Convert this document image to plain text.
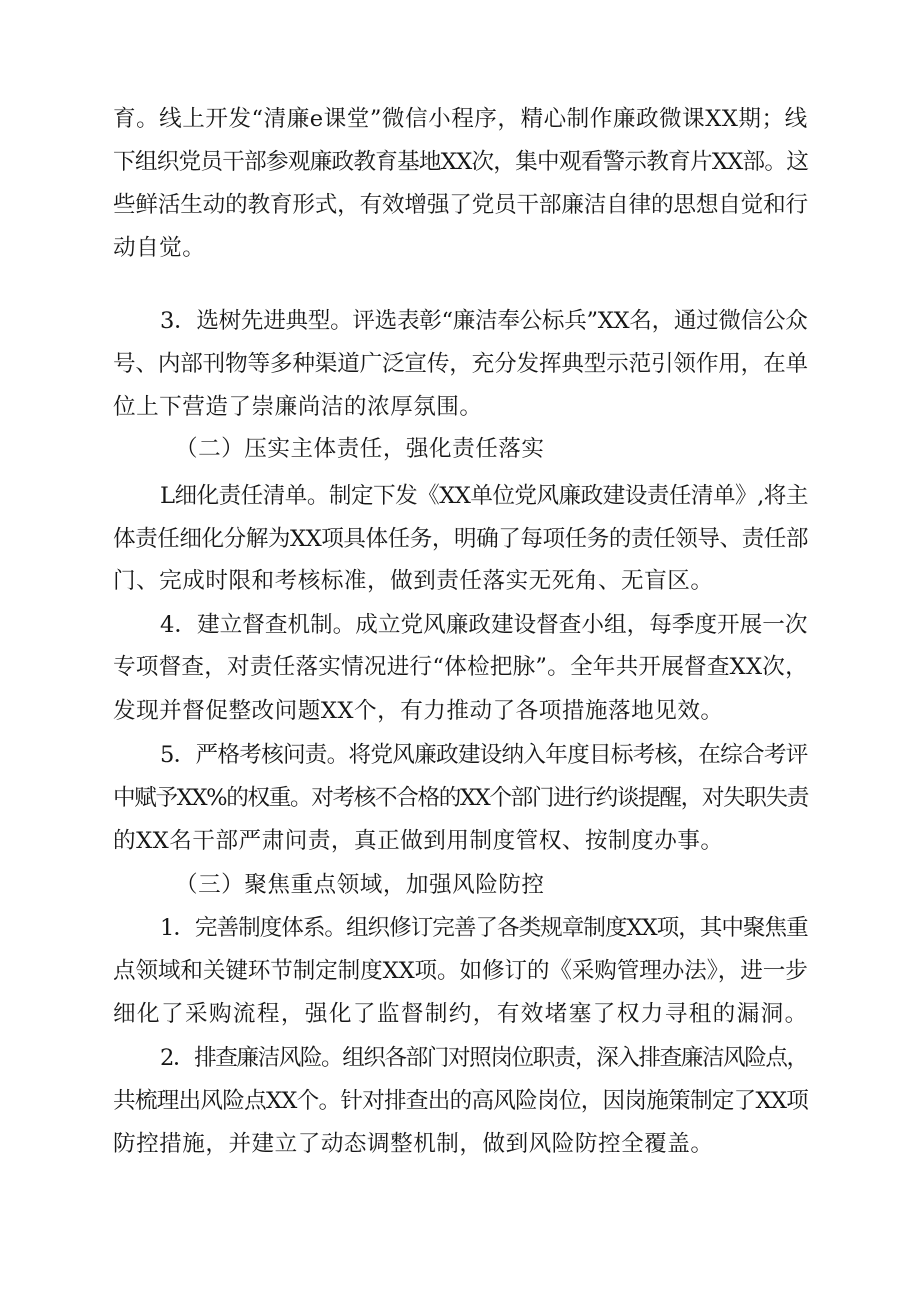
育。线上开发“清廉e课堂”微信小程序，精心制作廉政微课XX期；线
下组织党员干部参观廉政教育基地XX次，集中观看警示教育片XX部。这
些鲜活生动的教育形式，有效增强了党员干部廉洁自律的思想自觉和行
动自觉。
3．选树先进典型。评选表彰“廉洁奉公标兵”XX名，通过微信公众
号、内部刊物等多种渠道广泛宣传，充分发挥典型示范引领作用，在单
位上下营造了崇廉尚洁的浓厚氛围。
（二）压实主体责任，强化责任落实
L细化责任清单。制定下发《XX单位党风廉政建设责任清单》,将主
体责任细化分解为XX项具体任务，明确了每项任务的责任领导、责任部
门、完成时限和考核标准，做到责任落实无死角、无盲区。
4．建立督查机制。成立党风廉政建设督查小组，每季度开展一次
专项督查，对责任落实情况进行“体检把脉”。全年共开展督查XX次，
发现并督促整改问题XX个，有力推动了各项措施落地见效。
5．严格考核问责。将党风廉政建设纳入年度目标考核，在综合考评
中赋予XX%的权重。对考核不合格的XX个部门进行约谈提醒，对失职失责
的XX名干部严肃问责，真正做到用制度管权、按制度办事。
（三）聚焦重点领域，加强风险防控
1．完善制度体系。组织修订完善了各类规章制度XX项，其中聚焦重
点领域和关键环节制定制度XX项。如修订的《采购管理办法》，进一步
细化了采购流程，强化了监督制约，有效堵塞了权力寻租的漏洞。
2．排查廉洁风险。组织各部门对照岗位职责，深入排查廉洁风险点，
共梳理出风险点XX个。针对排查出的高风险岗位，因岗施策制定了XX项
防控措施，并建立了动态调整机制，做到风险防控全覆盖。
